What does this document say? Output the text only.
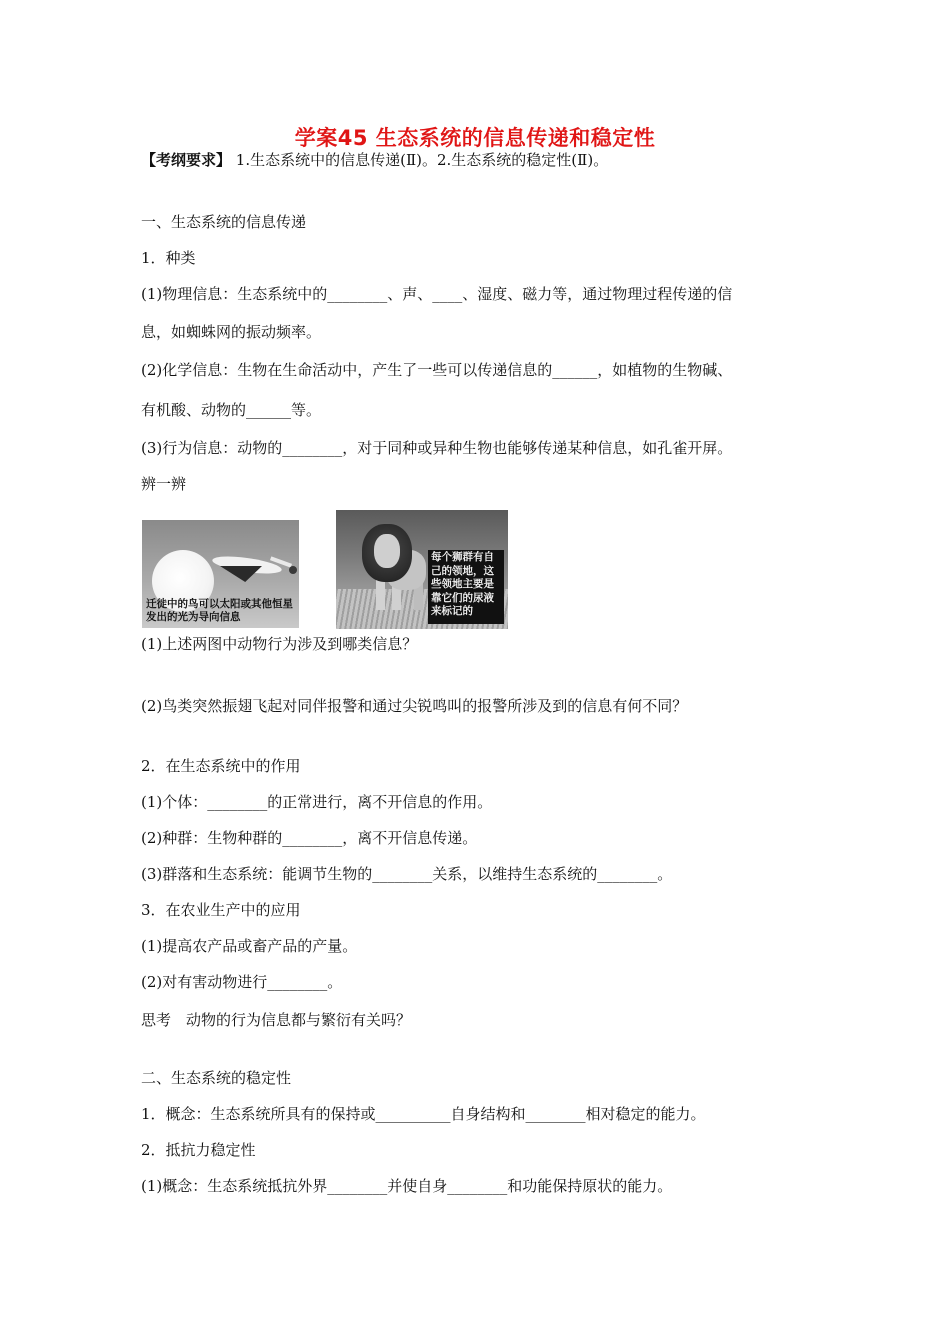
学案45 生态系统的信息传递和稳定性
【考纲要求】 1.生态系统中的信息传递(Ⅱ)。2.生态系统的稳定性(Ⅱ)。
一、生态系统的信息传递
1．种类
(1)物理信息：生态系统中的________、声、____、湿度、磁力等，通过物理过程传递的信
息，如蜘蛛网的振动频率。
(2)化学信息：生物在生命活动中，产生了一些可以传递信息的______，如植物的生物碱、
有机酸、动物的______等。
(3)行为信息：动物的________，对于同种或异种生物也能够传递某种信息，如孔雀开屏。
辨一辨
迁徙中的鸟可以太阳或其他恒星发出的光为导向信息
每个狮群有自己的领地，这些领地主要是靠它们的尿液来标记的
(1)上述两图中动物行为涉及到哪类信息？
(2)鸟类突然振翅飞起对同伴报警和通过尖锐鸣叫的报警所涉及到的信息有何不同？
2．在生态系统中的作用
(1)个体：________的正常进行，离不开信息的作用。
(2)种群：生物种群的________，离不开信息传递。
(3)群落和生态系统：能调节生物的________关系，以维持生态系统的________。
3．在农业生产中的应用
(1)提高农产品或畜产品的产量。
(2)对有害动物进行________。
思考　动物的行为信息都与繁衍有关吗？
二、生态系统的稳定性
1．概念：生态系统所具有的保持或__________自身结构和________相对稳定的能力。
2．抵抗力稳定性
(1)概念：生态系统抵抗外界________并使自身________和功能保持原状的能力。
